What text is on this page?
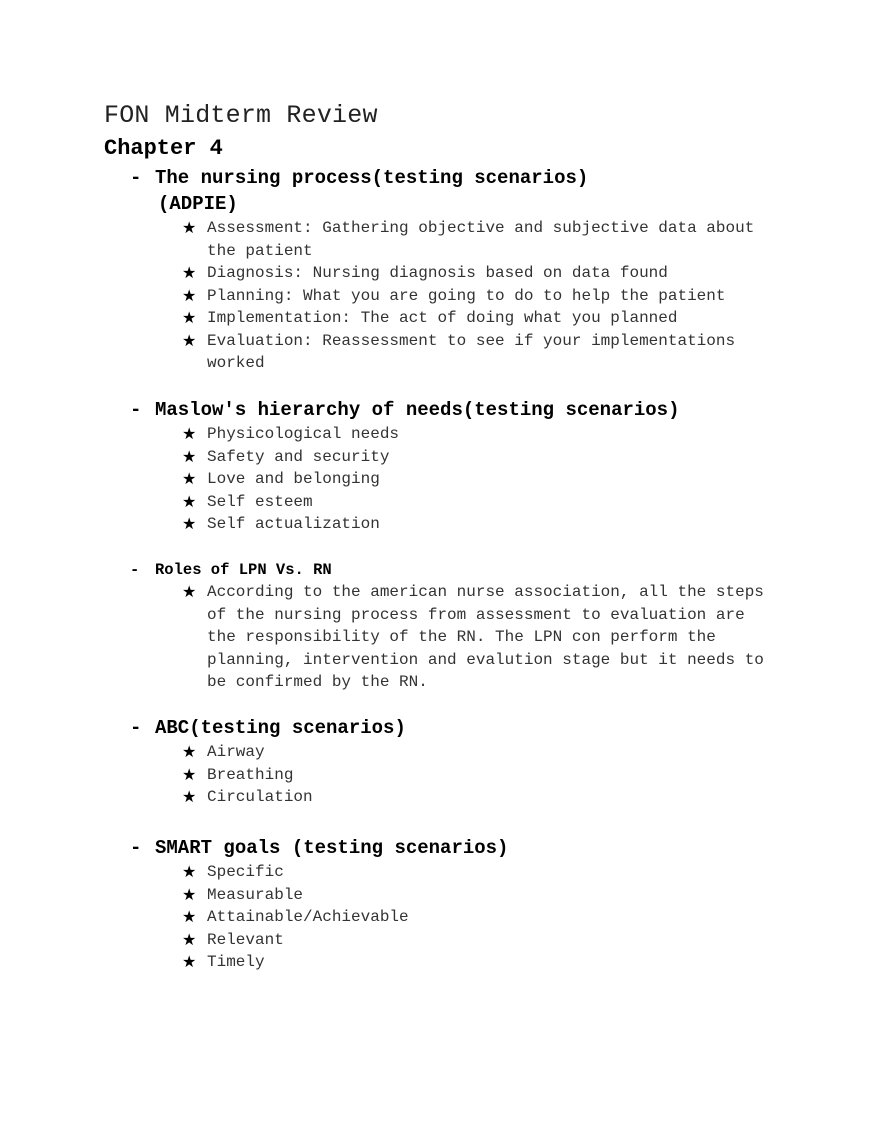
FON Midterm Review
Chapter 4
- The nursing process(testing scenarios)
(ADPIE)
★ Assessment: Gathering objective and subjective data about the patient
★ Diagnosis: Nursing diagnosis based on data found
★ Planning: What you are going to do to help the patient
★ Implementation: The act of doing what you planned
★ Evaluation: Reassessment to see if your implementations worked
- Maslow's hierarchy of needs(testing scenarios)
★ Physicological needs
★ Safety and security
★ Love and belonging
★ Self esteem
★ Self actualization
-	Roles of LPN Vs. RN
★ According to the american nurse association, all the steps of the nursing process from assessment to evaluation are the responsibility of the RN. The LPN con perform the planning, intervention and evalution stage but it needs to be confirmed by the RN.
- ABC(testing scenarios)
★ Airway
★ Breathing
★ Circulation
- SMART goals (testing scenarios)
★ Specific
★ Measurable
★ Attainable/Achievable
★ Relevant
★ Timely
